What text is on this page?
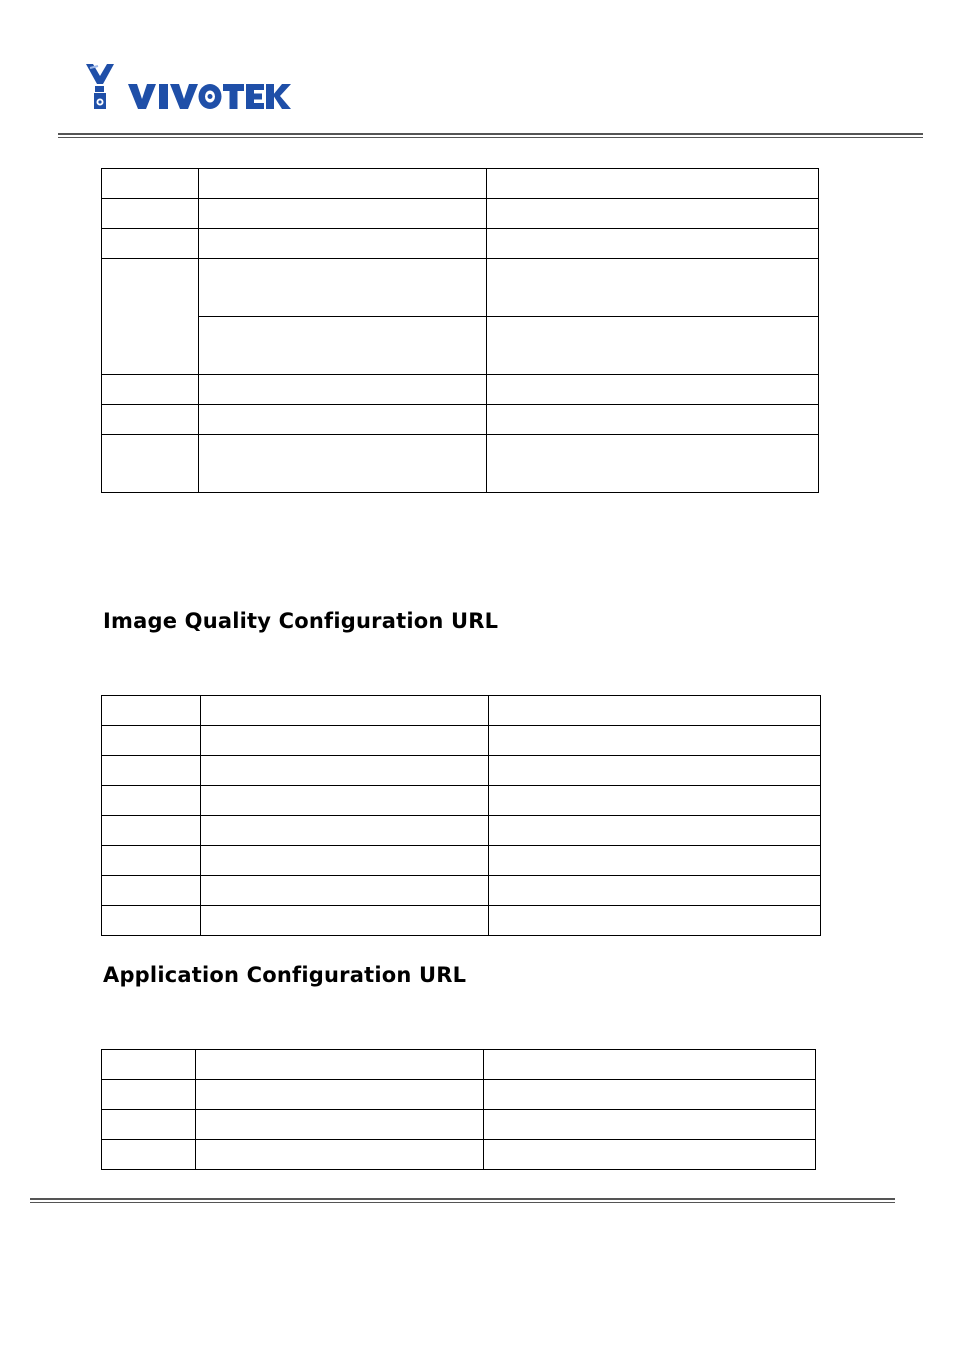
Image Quality Configuration URL

Application Configuration URL
